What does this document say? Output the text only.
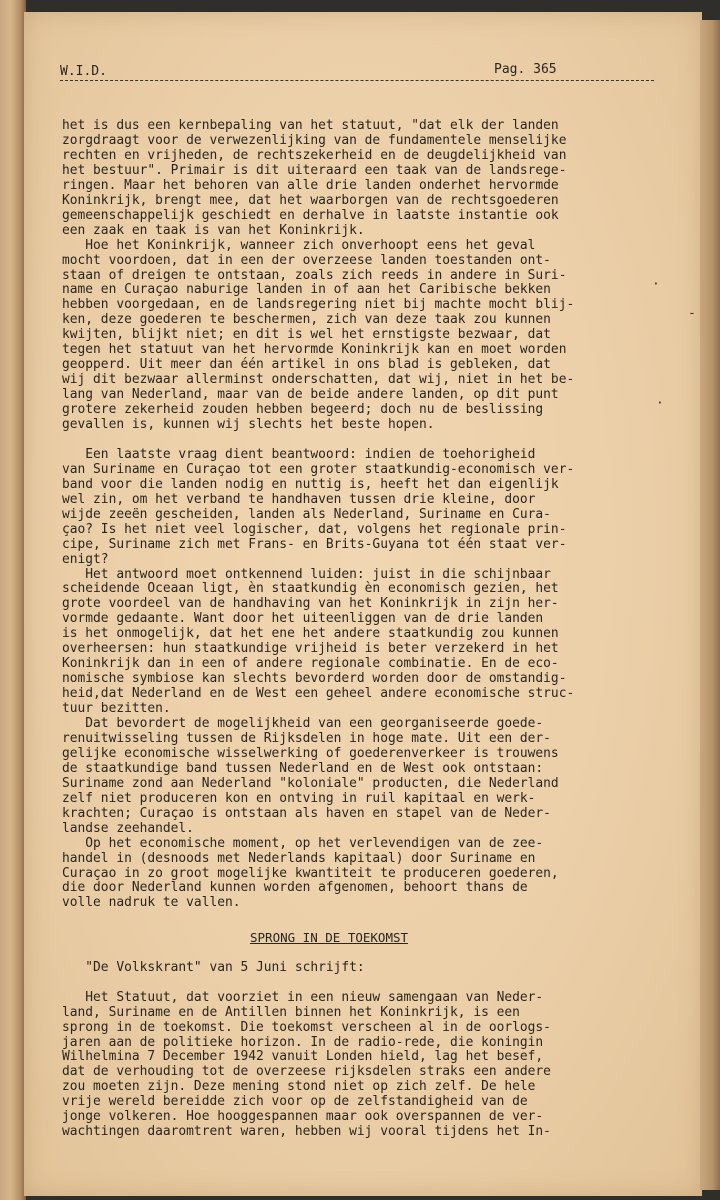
W.I.D.	Pag. 365
het is dus een kernbepaling van het statuut, "dat elk der landen
zorgdraagt voor de verwezenlijking van de fundamentele menselijke
rechten en vrijheden, de rechtszekerheid en de deugdelijkheid van
het bestuur". Primair is dit uiteraard een taak van de landsrege-
ringen. Maar het behoren van alle drie landen onderhet hervormde
Koninkrijk, brengt mee, dat het waarborgen van de rechtsgoederen
gemeenschappelijk geschiedt en derhalve in laatste instantie ook
een zaak en taak is van het Koninkrijk.
Hoe het Koninkrijk, wanneer zich onverhoopt eens het geval
mocht voordoen, dat in een der overzeese landen toestanden ont-
staan of dreigen te ontstaan, zoals zich reeds in andere in Suri-
name en Curaçao naburige landen in of aan het Caribische bekken
hebben voorgedaan, en de landsregering niet bij machte mocht blij-
ken, deze goederen te beschermen, zich van deze taak zou kunnen
kwijten, blijkt niet; en dit is wel het ernstigste bezwaar, dat
tegen het statuut van het hervormde Koninkrijk kan en moet worden
geopperd. Uit meer dan één artikel in ons blad is gebleken, dat
wij dit bezwaar allerminst onderschatten, dat wij, niet in het be-
lang van Nederland, maar van de beide andere landen, op dit punt
grotere zekerheid zouden hebben begeerd; doch nu de beslissing
gevallen is, kunnen wij slechts het beste hopen.
Een laatste vraag dient beantwoord: indien de toehorigheid
van Suriname en Curaçao tot een groter staatkundig-economisch ver-
band voor die landen nodig en nuttig is, heeft het dan eigenlijk
wel zin, om het verband te handhaven tussen drie kleine, door
wijde zeeën gescheiden, landen als Nederland, Suriname en Cura-
çao? Is het niet veel logischer, dat, volgens het regionale prin-
cipe, Suriname zich met Frans- en Brits-Guyana tot één staat ver-
enigt?
Het antwoord moet ontkennend luiden: juist in die schijnbaar
scheidende Oceaan ligt, èn staatkundig èn economisch gezien, het
grote voordeel van de handhaving van het Koninkrijk in zijn her-
vormde gedaante. Want door het uiteenliggen van de drie landen
is het onmogelijk, dat het ene het andere staatkundig zou kunnen
overheersen: hun staatkundige vrijheid is beter verzekerd in het
Koninkrijk dan in een of andere regionale combinatie. En de eco-
nomische symbiose kan slechts bevorderd worden door de omstandig-
heid,dat Nederland en de West een geheel andere economische struc-
tuur bezitten.
Dat bevordert de mogelijkheid van een georganiseerde goede-
renuitwisseling tussen de Rijksdelen in hoge mate. Uit een der-
gelijke economische wisselwerking of goederenverkeer is trouwens
de staatkundige band tussen Nederland en de West ook ontstaan:
Suriname zond aan Nederland "koloniale" producten, die Nederland
zelf niet produceren kon en ontving in ruil kapitaal en werk-
krachten; Curaçao is ontstaan als haven en stapel van de Neder-
landse zeehandel.
Op het economische moment, op het verlevendigen van de zee-
handel in (desnoods met Nederlands kapitaal) door Suriname en
Curaçao in zo groot mogelijke kwantiteit te produceren goederen,
die door Nederland kunnen worden afgenomen, behoort thans de
volle nadruk te vallen.
SPRONG IN DE TOEKOMST
"De Volkskrant" van 5 Juni schrijft:
Het Statuut, dat voorziet in een nieuw samengaan van Neder-
land, Suriname en de Antillen binnen het Koninkrijk, is een
sprong in de toekomst. Die toekomst verscheen al in de oorlogs-
jaren aan de politieke horizon. In de radio-rede, die koningin
Wilhelmina 7 December 1942 vanuit Londen hield, lag het besef,
dat de verhouding tot de overzeese rijksdelen straks een andere
zou moeten zijn. Deze mening stond niet op zich zelf. De hele
vrije wereld bereidde zich voor op de zelfstandigheid van de
jonge volkeren. Hoe hooggespannen maar ook overspannen de ver-
wachtingen daaromtrent waren, hebben wij vooral tijdens het In-
·
-
·
